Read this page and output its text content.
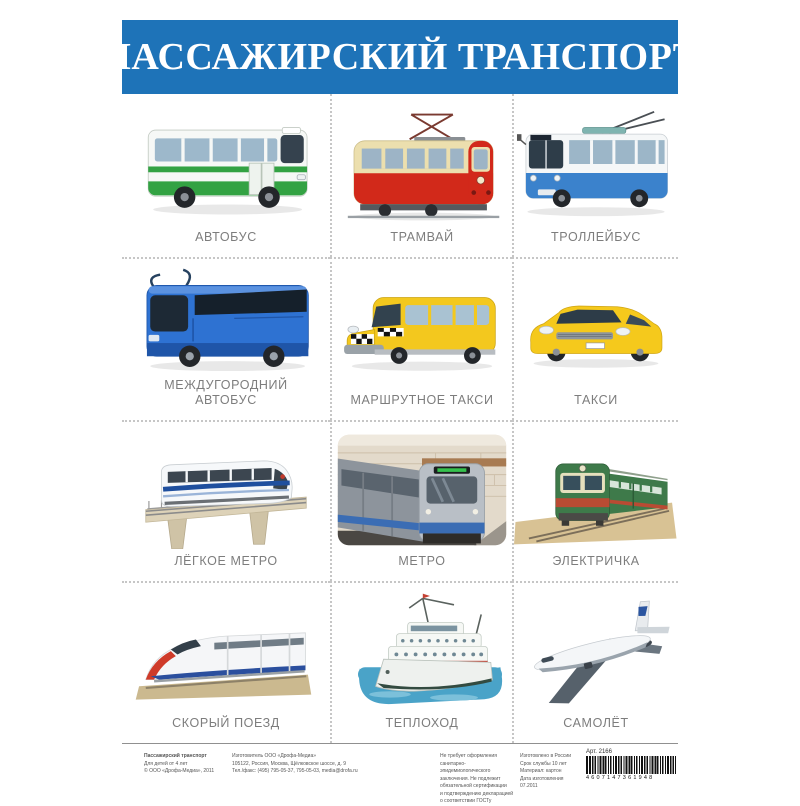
ПАССАЖИРСКИЙ ТРАНСПОРТ
АВТОБУС	ТРАМВАЙ	ТРОЛЛЕЙБУС
МЕЖДУГОРОДНИЙ АВТОБУС	МАРШРУТНОЕ ТАКСИ	ТАКСИ
ЛЁГКОЕ МЕТРО	МЕТРО	ЭЛЕКТРИЧКА
СКОРЫЙ ПОЕЗД	ТЕПЛОХОД	САМОЛЁТ
Пассажирский транспорт
Для детей от 4 лет
© ООО «Дрофа-Медиа», 2011
Изготовитель ООО «Дрофа-Медиа»
105122, Россия, Москва, Щёлковское шоссе, д. 9
Тел./факс: (495) 795-05-37, 795-05-03, media@drofa.ru
Не требует оформления санитарно-эпидемиологического
заключения. Не подлежит обязательной сертификации
и подтверждению декларацией о соответствии ГОСТу
Изготовлено в России
Срок службы 10 лет
Материал: картон
Дата изготовления 07.2011
Арт. 2166
4607147361948
